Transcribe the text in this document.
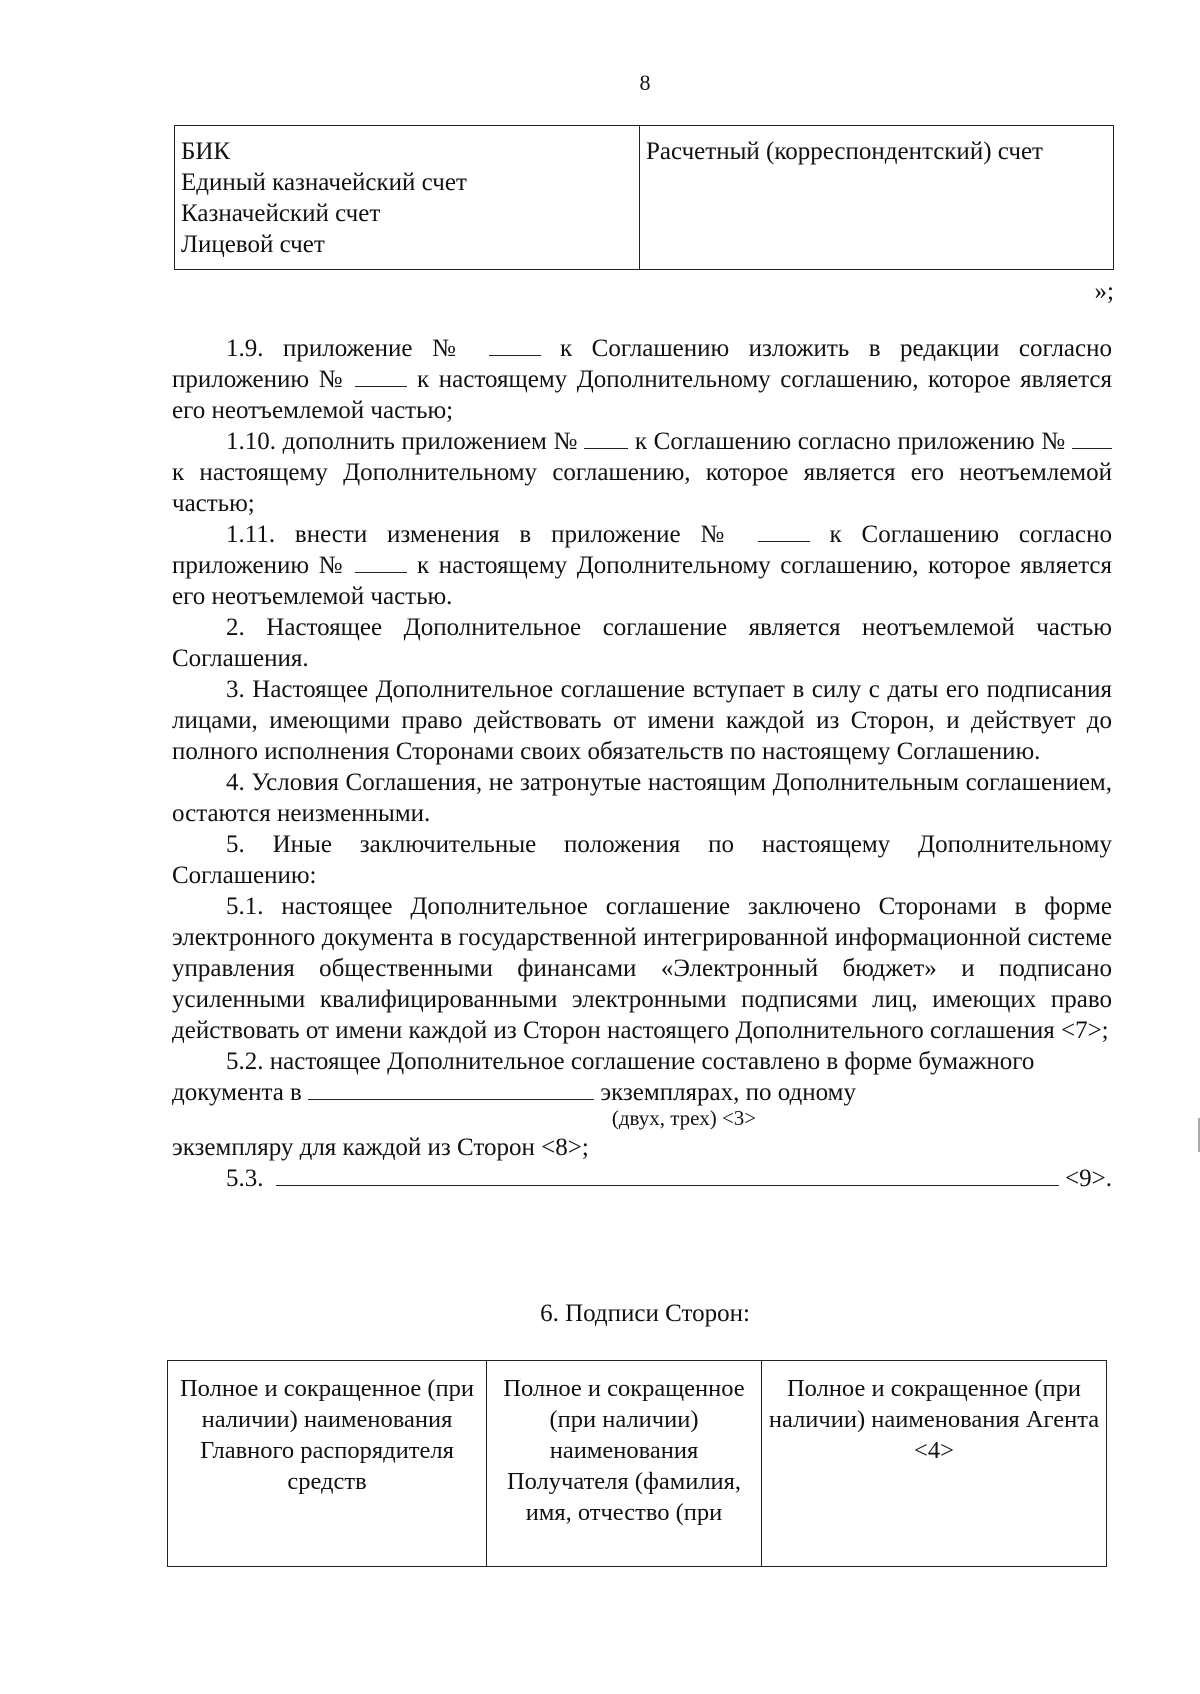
8
БИК
Единый казначейский счет
Казначейский счет
Лицевой счет
	Расчетный (корреспондентский) счет
»;

1.9. приложение №	к Соглашению изложить в редакции согласно приложению №	к настоящему Дополнительному соглашению, которое является его неотъемлемой частью;

1.10. дополнить приложением № к Соглашению согласно приложению №  к настоящему Дополнительному соглашению, которое является его неотъемлемой частью;

1.11. внести изменения в приложение №	к Соглашению согласно приложению №	к настоящему Дополнительному соглашению, которое является его неотъемлемой частью.

2. Настоящее Дополнительное соглашение является неотъемлемой частью Соглашения.

3. Настоящее Дополнительное соглашение вступает в силу с даты его подписания лицами, имеющими право действовать от имени каждой из Сторон, и действует до полного исполнения Сторонами своих обязательств по настоящему Соглашению.

4. Условия Соглашения, не затронутые настоящим Дополнительным соглашением, остаются неизменными.

5. Иные заключительные положения по настоящему Дополнительному Соглашению:

5.1. настоящее Дополнительное соглашение заключено Сторонами в форме электронного документа в государственной интегрированной информационной системе управления общественными финансами «Электронный бюджет» и подписано усиленными квалифицированными электронными подписями лиц, имеющих право действовать от имени каждой из Сторон настоящего Дополнительного соглашения <7>;

5.2. настоящее Дополнительное соглашение составлено в форме бумажного документа в	экземплярах, по одному

(двух, трех) <3>

экземпляру для каждой из Сторон <8>;

5.3.	<9>.
6. Подписи Сторон:
Полное и сокращенное (при наличии) наименования Главного распорядителя средств	Полное и сокращенное (при наличии) наименования Получателя (фамилия, имя, отчество (при	Полное и сокращенное (при наличии) наименования Агента <4>
